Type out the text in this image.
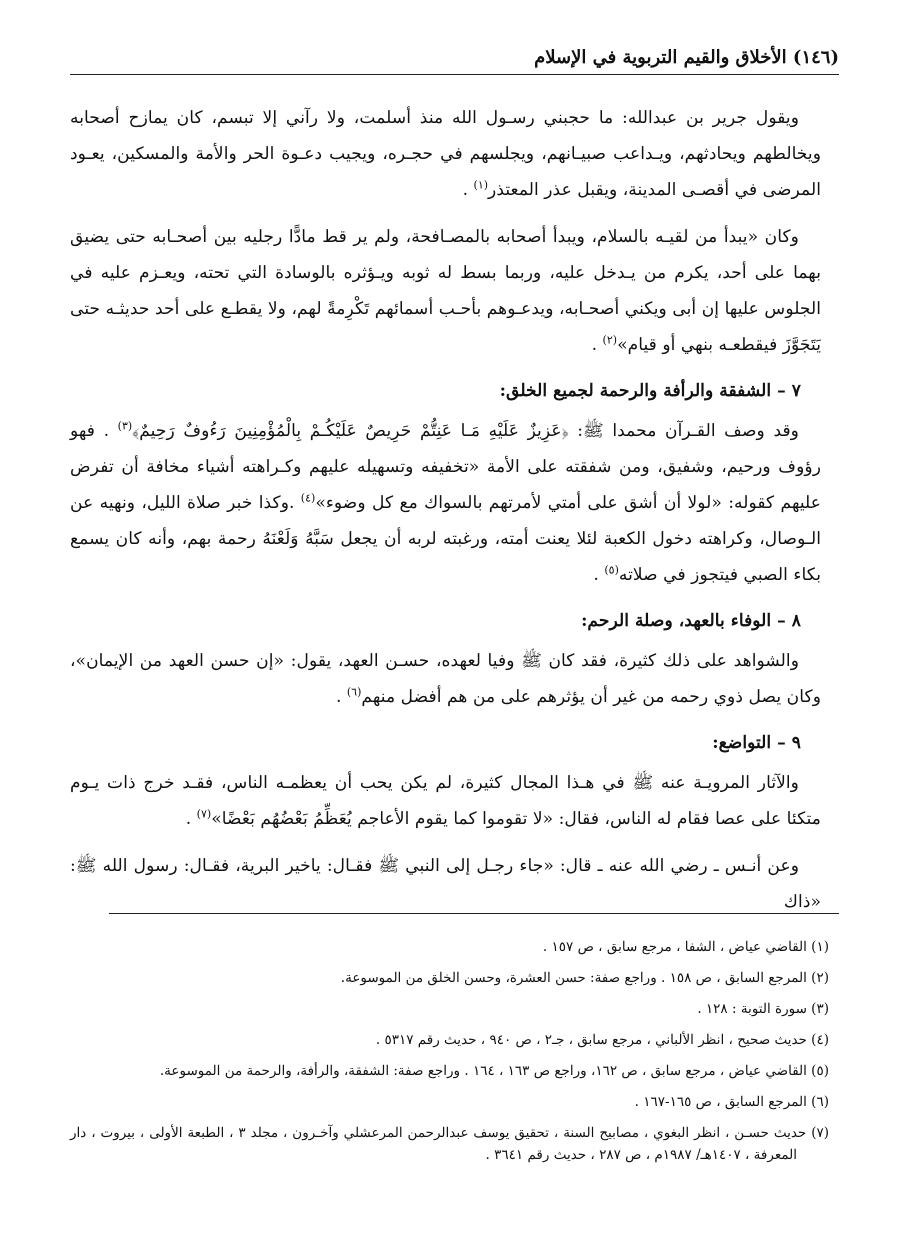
(١٤٦) الأخلاق والقيم التربوية في الإسلام

ويقول جرير بن عبدالله: ما حجبني رسـول الله منذ أسلمت، ولا رآني إلا تبسم، كان يمازح أصحابه ويخالطهم ويحادثهم، ويـداعب صبيـانهم، ويجلسهم في حجـره، ويجيب دعـوة الحر والأمة والمسكين، يعـود المرضى في أقصـى المدينة، ويقبل عذر المعتذر$^{(١)}$ .

وكان «يبدأ من لقيـه بالسلام، ويبدأ أصحابه بالمصـافحة، ولم ير قط مادًّا رجليه بين أصحـابه حتى يضيق بهما على أحد، يكرم من يـدخل عليه، وربما بسط له ثوبه ويـؤثره بالوسادة التي تحته، ويعـزم عليه في الجلوس عليها إن أبى ويكني أصحـابه، ويدعـوهم بأحـب أسمائهم تَكْرِمةً لهم، ولا يقطـع على أحد حديثـه حتى يَتَجَوَّزَ فيقطعـه بنهي أو قيام»$^{(٢)}$ .

٧ – الشفقة والرأفة والرحمة لجميع الخلق:

وقد وصف القـرآن محمدا ﷺ: ﴿عَزِيزٌ عَلَيْهِ مَـا عَنِتُّمْ حَرِيصٌ عَلَيْكُـمْ بِالْمُؤْمِنِينَ رَءُوفٌ رَحِيمٌ﴾$^{(٣)}$ . فهو رؤوف ورحيم، وشفيق، ومن شفقته على الأمة «تخفيفه وتسهيله عليهم وكـراهته أشياء مخافة أن تفرض عليهم كقوله: «لولا أن أشق على أمتي لأمرتهم بالسواك مع كل وضوء»$^{(٤)}$ .وكذا خبر صلاة الليل، ونهيه عن الـوصال، وكراهته دخول الكعبة لئلا يعنت أمته، ورغبته لربه أن يجعل سَبَّهُ وَلَعْنَهُ رحمة بهم، وأنه كان يسمع بكاء الصبي فيتجوز في صلاته$^{(٥)}$ .

٨ – الوفاء بالعهد، وصلة الرحم:

والشواهد على ذلك كثيرة، فقد كان ﷺ وفيا لعهده، حسـن العهد، يقول: «إن حسن العهد من الإيمان»، وكان يصل ذوي رحمه من غير أن يؤثرهم على من هم أفضل منهم$^{(٦)}$ .

٩ – التواضع:

والآثار المرويـة عنه ﷺ في هـذا المجال كثيرة، لم يكن يحب أن يعظمـه الناس، فقـد خرج ذات يـوم متكئا على عصا فقام له الناس، فقال: «لا تقوموا كما يقوم الأعاجم يُعَظِّمُ بَعْضُهُم بَعْضًا»$^{(٧)}$ .

وعن أنـس ـ رضي الله عنه ـ قال: «جاء رجـل إلى النبي ﷺ فقـال: ياخير البرية، فقـال: رسول الله ﷺ: «ذاك

(١) القاضي عياض ، الشفا ، مرجع سابق ، ص ١٥٧ .
(٢) المرجع السابق ، ص ١٥٨ . وراجع صفة: حسن العشرة، وحسن الخلق من الموسوعة.
(٣) سورة التوبة : ١٢٨ .
(٤) حديث صحيح ، انظر الألباني ، مرجع سابق ، جـ٢ ، ص ٩٤٠ ، حديث رقم ٥٣١٧ .
(٥) القاضي عياض ، مرجع سابق ، ص ١٦٢، وراجع ص ١٦٣ ، ١٦٤ . وراجع صفة: الشفقة، والرأفة، والرحمة من الموسوعة.
(٦) المرجع السابق ، ص ١٦٥-١٦٧ .
(٧) حديث حسـن ، انظر البغوي ، مصابيح السنة ، تحقيق يوسف عبدالرحمن المرعشلي وآخـرون ، مجلد ٣ ، الطبعة الأولى ، بيروت ، دار المعرفة ، ١٤٠٧هـ/ ١٩٨٧م ، ص ٢٨٧ ، حديث رقم ٣٦٤١ .
